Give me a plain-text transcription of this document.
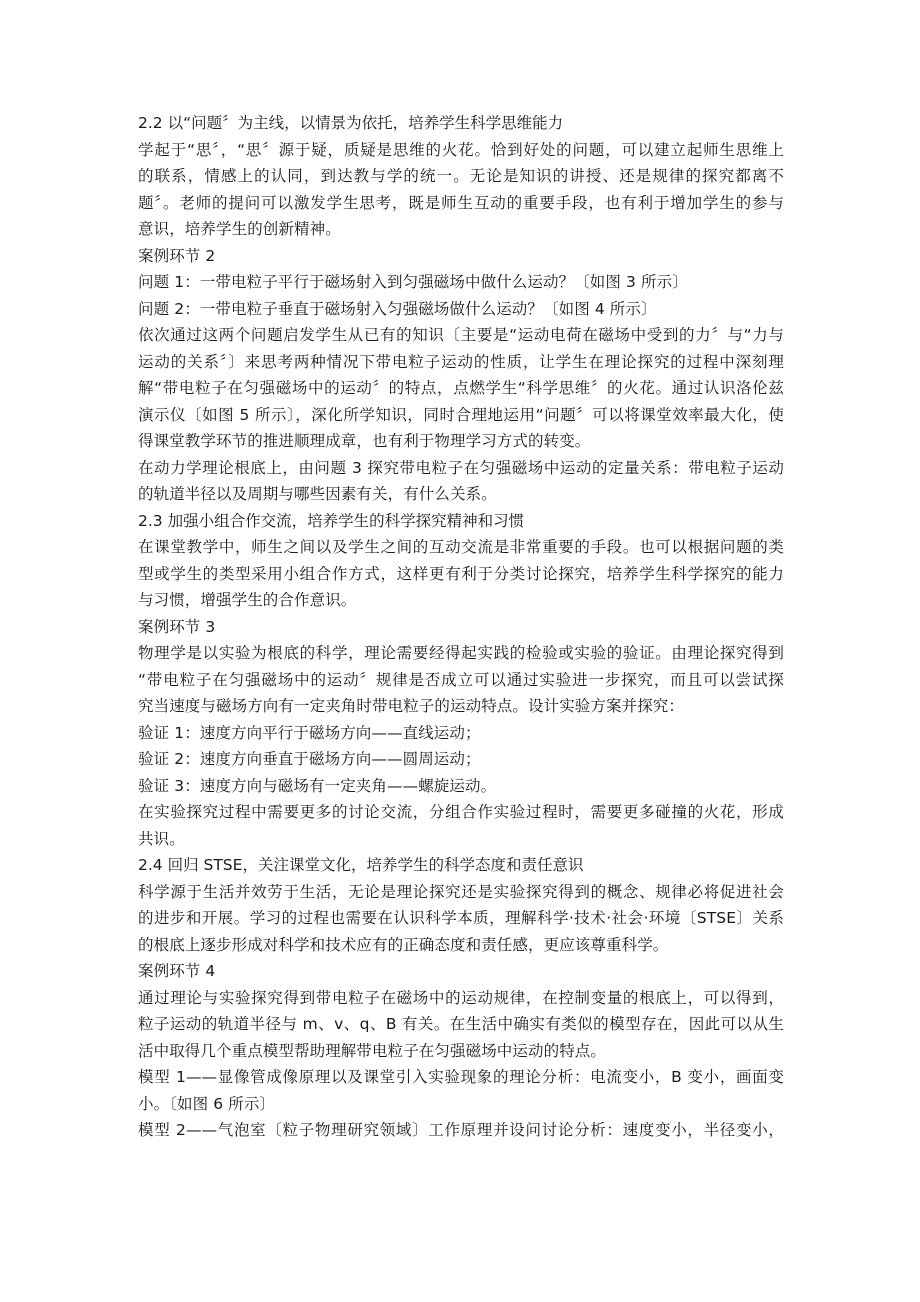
2.2 以“问题〞为主线，以情景为依托，培养学生科学思维能力
学起于“思〞，“思〞源于疑，质疑是思维的火花。恰到好处的问题，可以建立起师生思维上
的联系，情感上的认同，到达教与学的统一。无论是知识的讲授、还是规律的探究都离不
题〞。老师的提问可以激发学生思考，既是师生互动的重要手段，也有利于增加学生的参与
意识，培养学生的创新精神。
案例环节 2
问题 1：一带电粒子平行于磁场射入到匀强磁场中做什么运动？〔如图 3 所示〕
问题 2：一带电粒子垂直于磁场射入匀强磁场做什么运动？〔如图 4 所示〕
依次通过这两个问题启发学生从已有的知识〔主要是“运动电荷在磁场中受到的力〞与“力与
运动的关系〞〕来思考两种情况下带电粒子运动的性质，让学生在理论探究的过程中深刻理
解“带电粒子在匀强磁场中的运动〞的特点，点燃学生“科学思维〞的火花。通过认识洛伦兹
演示仪〔如图 5 所示〕，深化所学知识，同时合理地运用“问题〞可以将课堂效率最大化，使
得课堂教学环节的推进顺理成章，也有利于物理学习方式的转变。
在动力学理论根底上，由问题 3 探究带电粒子在匀强磁场中运动的定量关系：带电粒子运动
的轨道半径以及周期与哪些因素有关，有什么关系。
2.3 加强小组合作交流，培养学生的科学探究精神和习惯
在课堂教学中，师生之间以及学生之间的互动交流是非常重要的手段。也可以根据问题的类
型或学生的类型采用小组合作方式，这样更有利于分类讨论探究，培养学生科学探究的能力
与习惯，增强学生的合作意识。
案例环节 3
物理学是以实验为根底的科学，理论需要经得起实践的检验或实验的验证。由理论探究得到
“带电粒子在匀强磁场中的运动〞规律是否成立可以通过实验进一步探究，而且可以尝试探
究当速度与磁场方向有一定夹角时带电粒子的运动特点。设计实验方案并探究：
验证 1：速度方向平行于磁场方向——直线运动；
验证 2：速度方向垂直于磁场方向——圆周运动；
验证 3：速度方向与磁场有一定夹角——螺旋运动。
在实验探究过程中需要更多的讨论交流，分组合作实验过程时，需要更多碰撞的火花，形成
共识。
2.4 回归 STSE，关注课堂文化，培养学生的科学态度和责任意识
科学源于生活并效劳于生活，无论是理论探究还是实验探究得到的概念、规律必将促进社会
的进步和开展。学习的过程也需要在认识科学本质，理解科学·技术·社会·环境〔STSE〕关系
的根底上逐步形成对科学和技术应有的正确态度和责任感，更应该尊重科学。
案例环节 4
通过理论与实验探究得到带电粒子在磁场中的运动规律，在控制变量的根底上，可以得到，
粒子运动的轨道半径与 m、v、q、B 有关。在生活中确实有类似的模型存在，因此可以从生
活中取得几个重点模型帮助理解带电粒子在匀强磁场中运动的特点。
模型 1——显像管成像原理以及课堂引入实验现象的理论分析：电流变小，B 变小，画面变
小。〔如图 6 所示〕
模型 2——气泡室〔粒子物理研究领域〕工作原理并设问讨论分析：速度变小，半径变小，
